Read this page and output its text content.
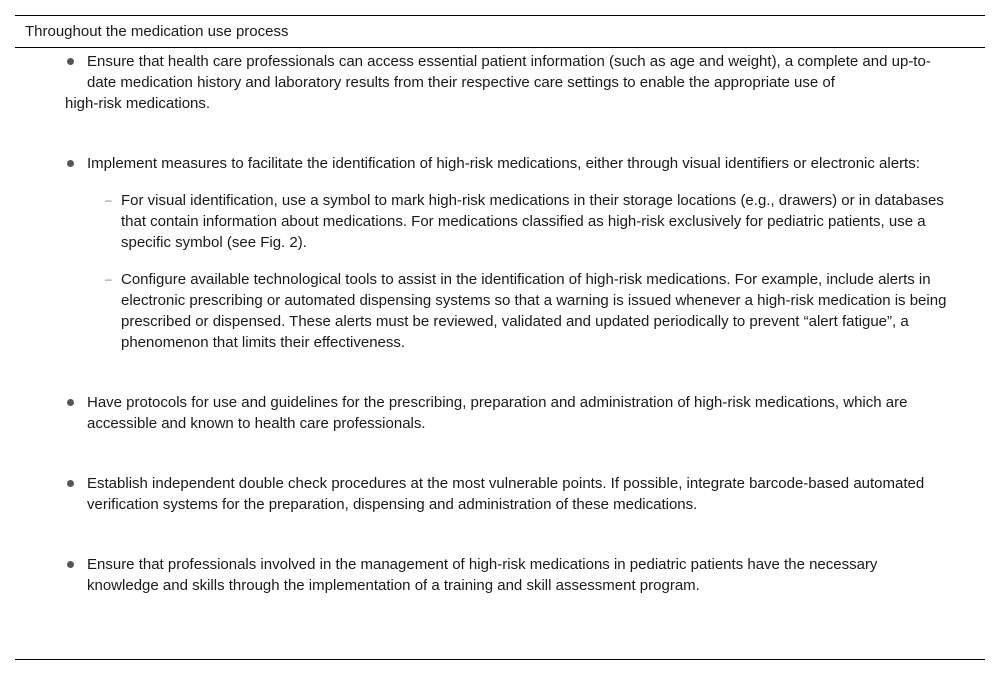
Throughout the medication use process
Ensure that health care professionals can access essential patient information (such as age and weight), a complete and up-to-date medication history and laboratory results from their respective care settings to enable the appropriate use of
high-risk medications.
Implement measures to facilitate the identification of high-risk medications, either through visual identifiers or electronic alerts:
– For visual identification, use a symbol to mark high-risk medications in their storage locations (e.g., drawers) or in databases that contain information about medications. For medications classified as high-risk exclusively for pediatric patients, use a specific symbol (see Fig. 2).
– Configure available technological tools to assist in the identification of high-risk medications. For example, include alerts in electronic prescribing or automated dispensing systems so that a warning is issued whenever a high-risk medication is being prescribed or dispensed. These alerts must be reviewed, validated and updated periodically to prevent “alert fatigue”, a phenomenon that limits their effectiveness.
Have protocols for use and guidelines for the prescribing, preparation and administration of high-risk medications, which are accessible and known to health care professionals.
Establish independent double check procedures at the most vulnerable points. If possible, integrate barcode-based automated verification systems for the preparation, dispensing and administration of these medications.
Ensure that professionals involved in the management of high-risk medications in pediatric patients have the necessary knowledge and skills through the implementation of a training and skill assessment program.
